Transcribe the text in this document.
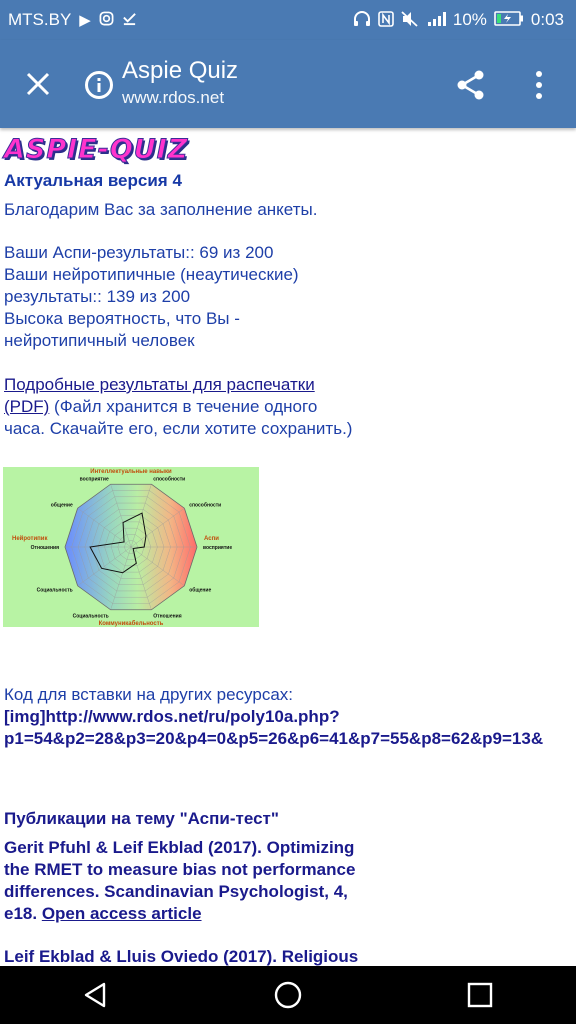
MTS.BY ▶	10%	0:03
Aspie Quiz
www.rdos.net
ASPIE-QUIZ
Актуальная версия 4
Благодарим Вас за заполнение анкеты.
Ваши Аспи-результаты:: 69 из 200
Ваши нейротипичные (неаутические)
результаты:: 139 из 200
Высока вероятность, что Вы -
нейротипичный человек
Подробные результаты для распечатки
(PDF) (Файл хранится в течение одного
часа. Скачайте его, если хотите сохранить.)
Интеллектуальные навыки
Коммуникабельность
Нейротипик	Аспи
способности
способности
восприятие
общение
Отношения
Социальность
Социальность
Отношения
общение
восприятие
Код для вставки на других ресурсах:
[img]http://www.rdos.net/ru/poly10a.php?
p1=54&p2=28&p3=20&p4=0&p5=26&p6=41&p7=55&p8=62&p9=13&
Публикации на тему "Аспи-тест"
Gerit Pfuhl & Leif Ekblad (2017). Optimizing
the RMET to measure bias not performance
differences. Scandinavian Psychologist, 4,
e18. Open access article
Leif Ekblad & Lluis Oviedo (2017). Religious
